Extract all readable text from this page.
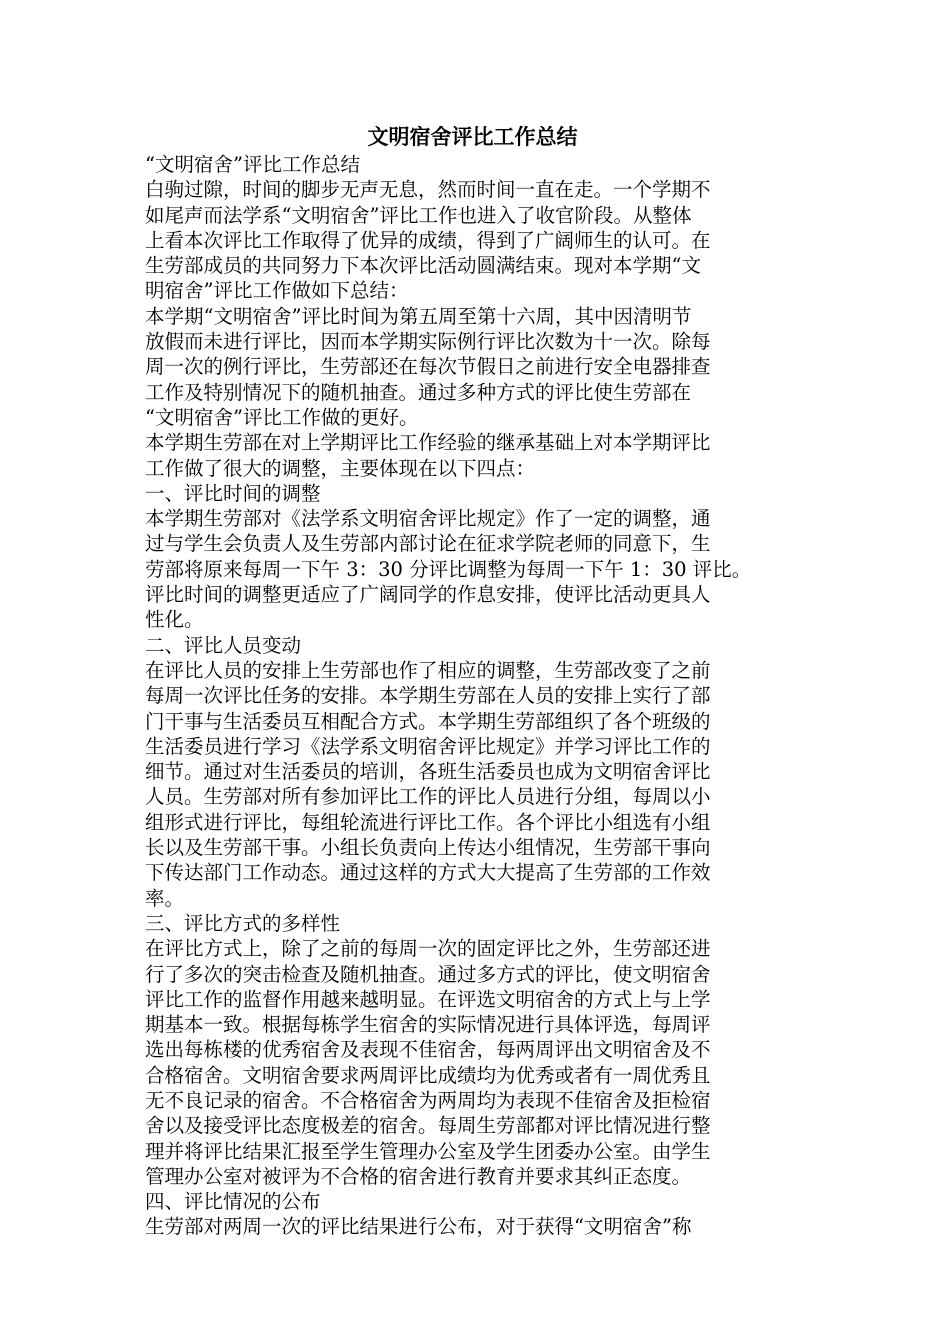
文明宿舍评比工作总结

“文明宿舍”评比工作总结

白驹过隙，时间的脚步无声无息，然而时间一直在走。一个学期不

如尾声而法学系“文明宿舍”评比工作也进入了收官阶段。从整体

上看本次评比工作取得了优异的成绩，得到了广阔师生的认可。在

生劳部成员的共同努力下本次评比活动圆满结束。现对本学期“文

明宿舍”评比工作做如下总结：

本学期“文明宿舍”评比时间为第五周至第十六周，其中因清明节

放假而未进行评比，因而本学期实际例行评比次数为十一次。除每

周一次的例行评比，生劳部还在每次节假日之前进行安全电器排查

工作及特别情况下的随机抽查。通过多种方式的评比使生劳部在

“文明宿舍”评比工作做的更好。

本学期生劳部在对上学期评比工作经验的继承基础上对本学期评比

工作做了很大的调整，主要体现在以下四点：

一、评比时间的调整

本学期生劳部对《法学系文明宿舍评比规定》作了一定的调整，通

过与学生会负责人及生劳部内部讨论在征求学院老师的同意下，生

劳部将原来每周一下午 3：30 分评比调整为每周一下午 1：30 评比。

评比时间的调整更适应了广阔同学的作息安排，使评比活动更具人

性化。

二、评比人员变动

在评比人员的安排上生劳部也作了相应的调整，生劳部改变了之前

每周一次评比任务的安排。本学期生劳部在人员的安排上实行了部

门干事与生活委员互相配合方式。本学期生劳部组织了各个班级的

生活委员进行学习《法学系文明宿舍评比规定》并学习评比工作的

细节。通过对生活委员的培训，各班生活委员也成为文明宿舍评比

人员。生劳部对所有参加评比工作的评比人员进行分组，每周以小

组形式进行评比，每组轮流进行评比工作。各个评比小组选有小组

长以及生劳部干事。小组长负责向上传达小组情况，生劳部干事向

下传达部门工作动态。通过这样的方式大大提高了生劳部的工作效

率。

三、评比方式的多样性

在评比方式上，除了之前的每周一次的固定评比之外，生劳部还进

行了多次的突击检查及随机抽查。通过多方式的评比，使文明宿舍

评比工作的监督作用越来越明显。在评选文明宿舍的方式上与上学

期基本一致。根据每栋学生宿舍的实际情况进行具体评选，每周评

选出每栋楼的优秀宿舍及表现不佳宿舍，每两周评出文明宿舍及不

合格宿舍。文明宿舍要求两周评比成绩均为优秀或者有一周优秀且

无不良记录的宿舍。不合格宿舍为两周均为表现不佳宿舍及拒检宿

舍以及接受评比态度极差的宿舍。每周生劳部都对评比情况进行整

理并将评比结果汇报至学生管理办公室及学生团委办公室。由学生

管理办公室对被评为不合格的宿舍进行教育并要求其纠正态度。

四、评比情况的公布

生劳部对两周一次的评比结果进行公布，对于获得“文明宿舍”称
